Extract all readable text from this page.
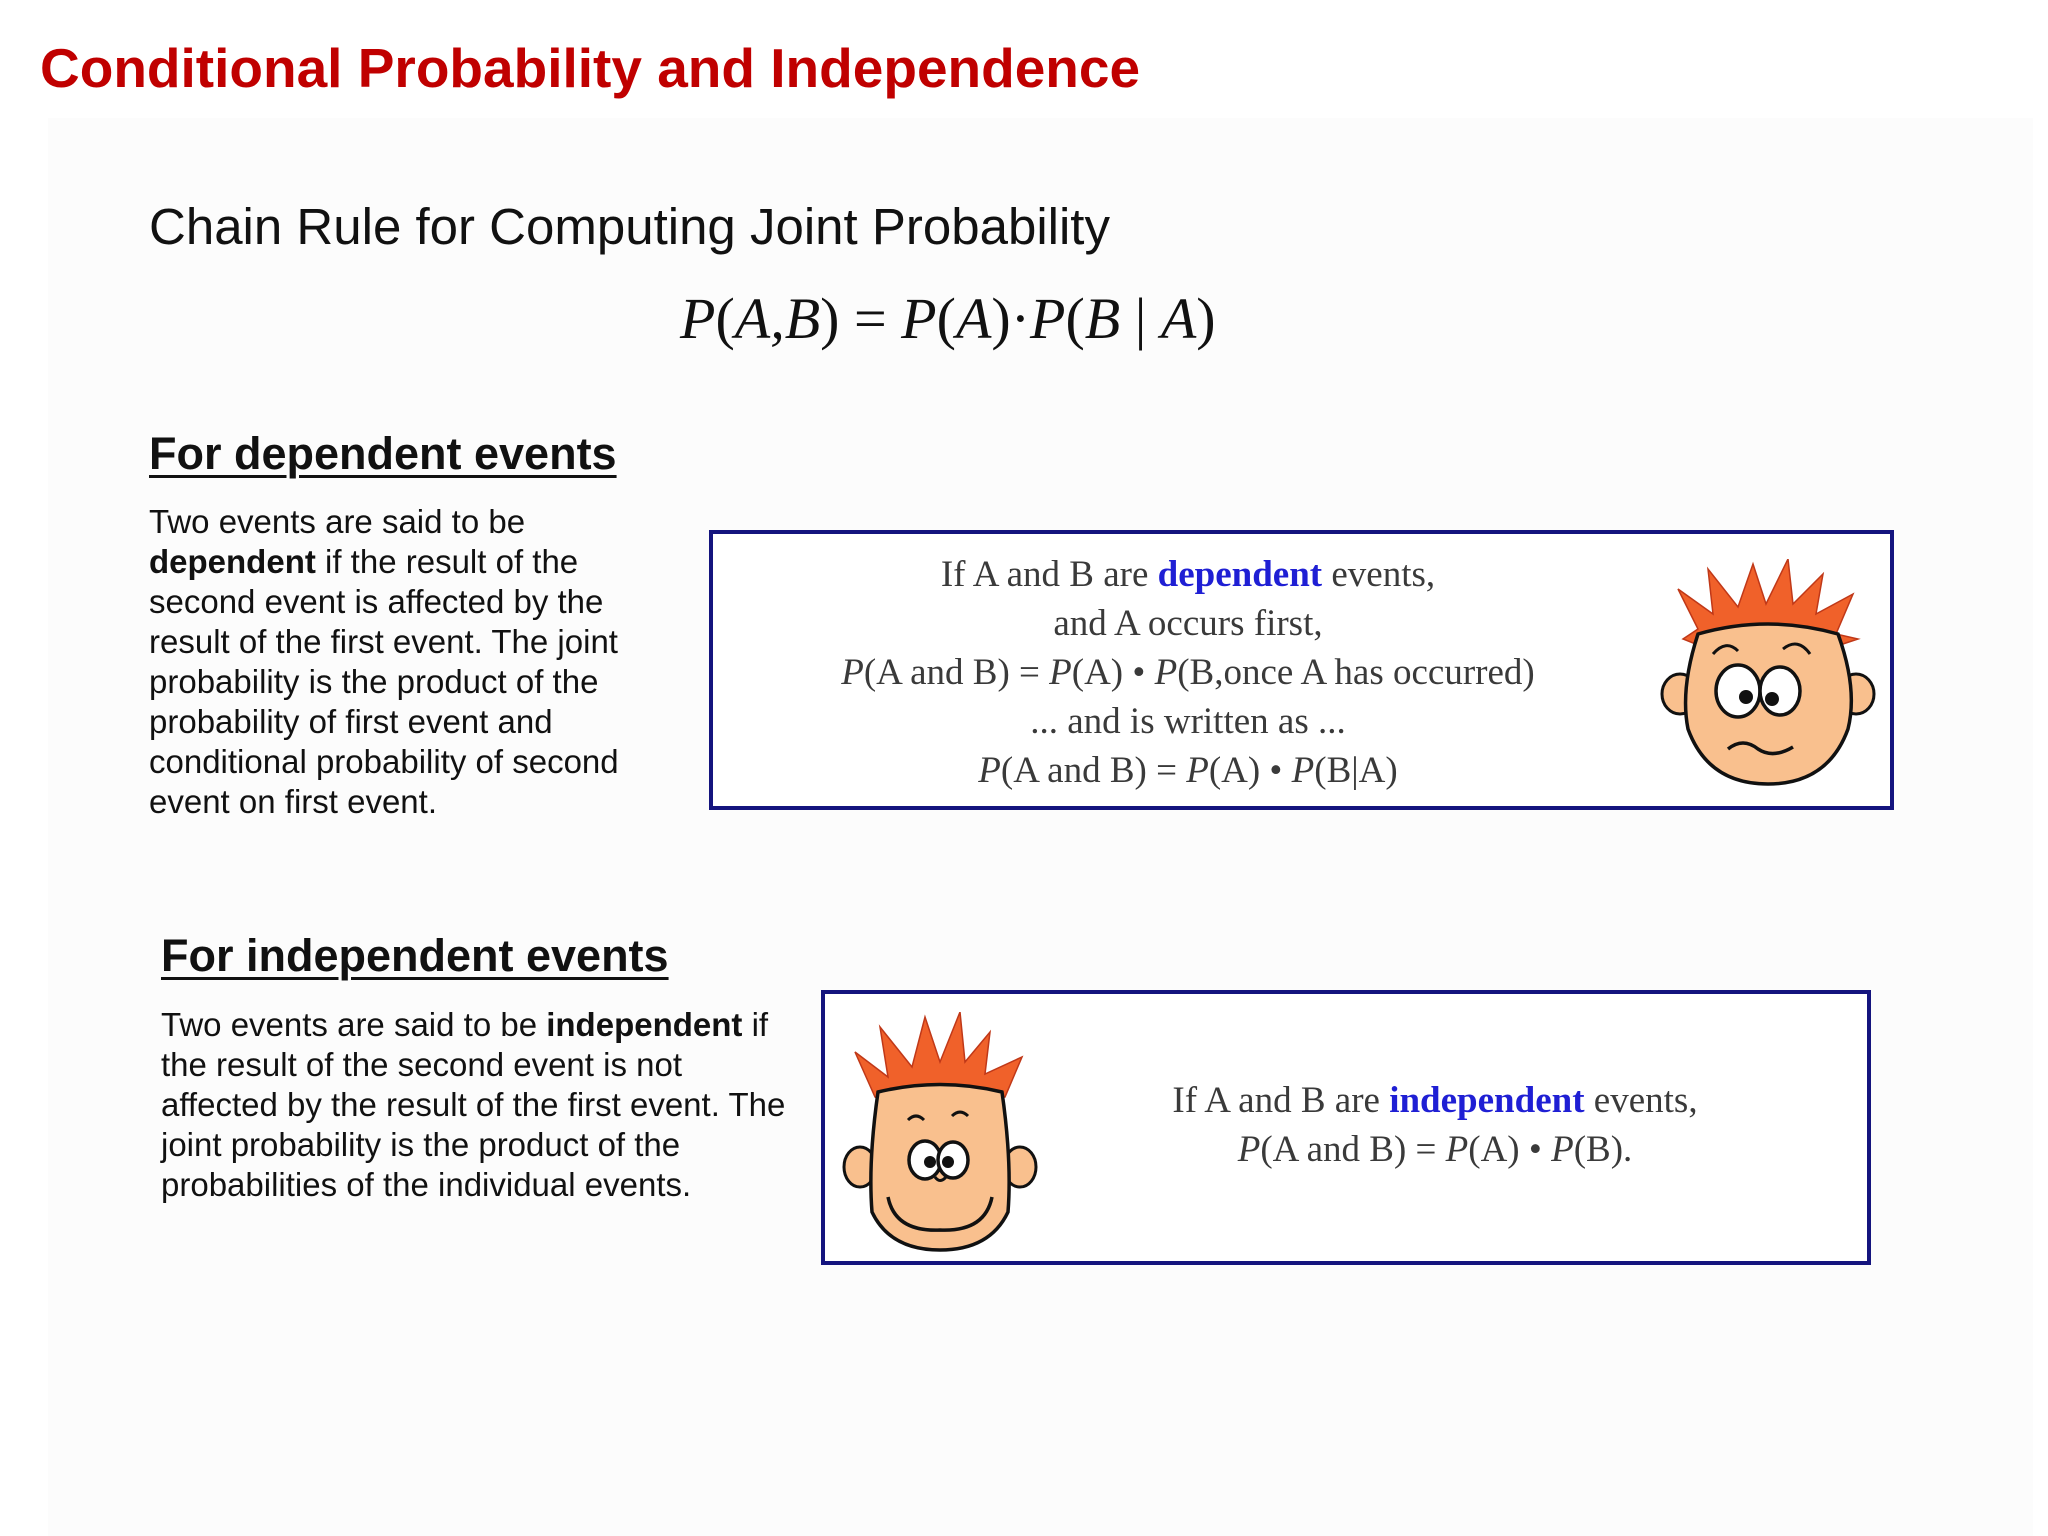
Conditional Probability and Independence
Chain Rule for Computing Joint Probability
P(A,B) = P(A)·P(B | A)
For dependent events
Two events are said to be dependent if the result of the second event is affected by the result of the first event. The joint probability is the product of the probability of first event and conditional probability of second event on first event.
If A and B are dependent events,
and A occurs first,
P(A and B) = P(A) • P(B,once A has occurred)
... and is written as ...
P(A and B) = P(A) • P(B|A)
For independent events
Two events are said to be independent if the result of the second event is not affected by the result of the first event. The joint probability is the product of the probabilities of the individual events.
If A and B are independent events,
P(A and B) = P(A) • P(B).
